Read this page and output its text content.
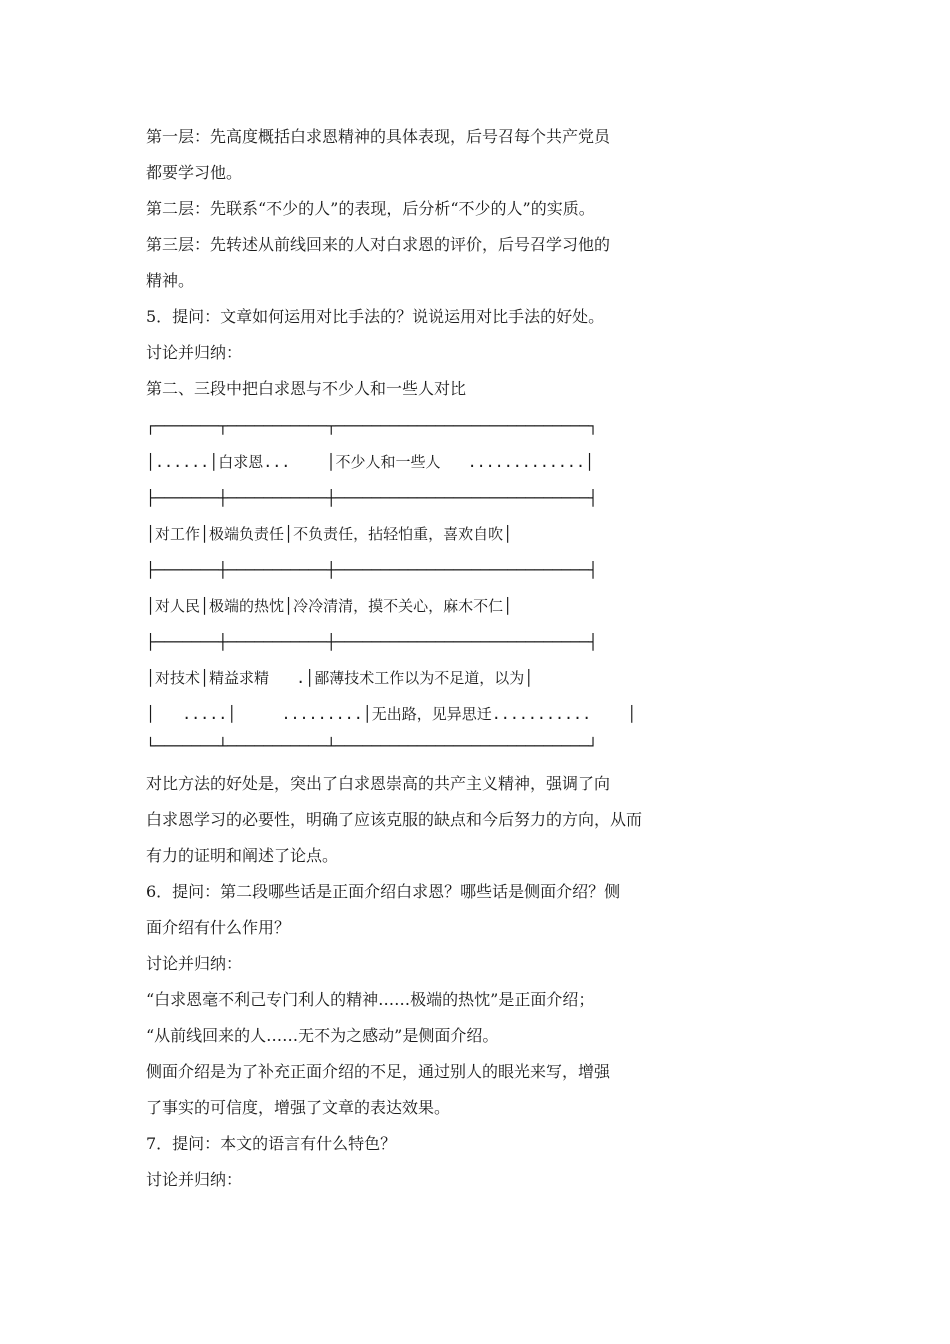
第一层：先高度概括白求恩精神的具体表现，后号召每个共产党员
都要学习他。
第二层：先联系“不少的人”的表现，后分析“不少的人”的实质。
第三层：先转述从前线回来的人对白求恩的评价，后号召学习他的
精神。
5．提问：文章如何运用对比手法的？说说运用对比手法的好处。
讨论并归纳：
第二、三段中把白求恩与不少人和一些人对比
┌───────┬───────────┬────────────────────────────┐
│......│白求恩...    │不少人和一些人   .............│
├───────┼───────────┼────────────────────────────┤
│对工作│极端负责任│不负责任，拈轻怕重，喜欢自吹│
├───────┼───────────┼────────────────────────────┤
│对人民│极端的热忱│冷冷清清，摸不关心，麻木不仁│
├───────┼───────────┼────────────────────────────┤
│对技术│精益求精   .│鄙薄技术工作以为不足道，以为│
│   .....│     .........│无出路，见异思迁...........    │
└───────┴───────────┴────────────────────────────┘
对比方法的好处是，突出了白求恩崇高的共产主义精神，强调了向
白求恩学习的必要性，明确了应该克服的缺点和今后努力的方向，从而
有力的证明和阐述了论点。
6．提问：第二段哪些话是正面介绍白求恩？哪些话是侧面介绍？侧
面介绍有什么作用？
讨论并归纳：
“白求恩毫不利己专门利人的精神……极端的热忱”是正面介绍；
“从前线回来的人……无不为之感动”是侧面介绍。
侧面介绍是为了补充正面介绍的不足，通过别人的眼光来写，增强
了事实的可信度，增强了文章的表达效果。
7．提问：本文的语言有什么特色？
讨论并归纳：
